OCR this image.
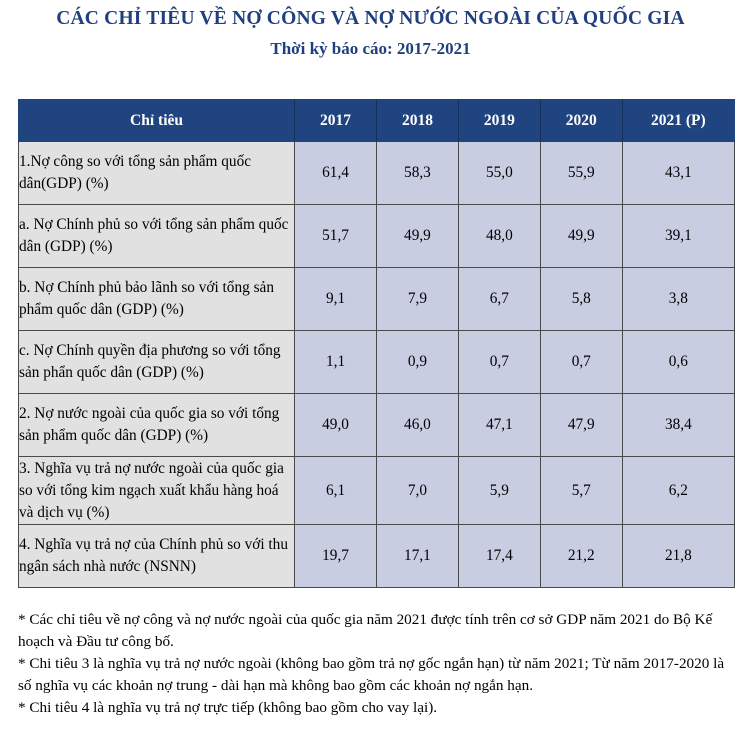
CÁC CHỈ TIÊU VỀ NỢ CÔNG VÀ NỢ NƯỚC NGOÀI CỦA QUỐC GIA
Thời kỳ báo cáo: 2017-2021
Chỉ tiêu	2017	2018	2019	2020	2021 (P)
1.Nợ công so với tổng sản phẩm quốc dân(GDP) (%)	61,4	58,3	55,0	55,9	43,1
a. Nợ Chính phủ so với tổng sản phẩm quốc dân (GDP) (%)	51,7	49,9	48,0	49,9	39,1
b. Nợ Chính phủ bảo lãnh so với tổng sản phẩm quốc dân (GDP) (%)	9,1	7,9	6,7	5,8	3,8
c. Nợ Chính quyền địa phương so với tổng sản phẩn quốc dân (GDP) (%)	1,1	0,9	0,7	0,7	0,6
2. Nợ nước ngoài của quốc gia so với tổng sản phẩm quốc dân (GDP) (%)	49,0	46,0	47,1	47,9	38,4
3. Nghĩa vụ trả nợ nước ngoài của quốc gia so với tổng kim ngạch xuất khẩu hàng hoá và dịch vụ (%)	6,1	7,0	5,9	5,7	6,2
4. Nghĩa vụ trả nợ của Chính phủ so với thu ngân sách nhà nước (NSNN)	19,7	17,1	17,4	21,2	21,8

* Các chỉ tiêu về nợ công và nợ nước ngoài của quốc gia năm 2021 được tính trên cơ sở GDP năm 2021 do Bộ Kế hoạch và Đầu tư công bố.

* Chi tiêu 3 là nghĩa vụ trả nợ nước ngoài (không bao gồm trả nợ gốc ngắn hạn) từ năm 2021; Từ năm 2017-2020 là số nghĩa vụ các khoản nợ trung - dài hạn mà không bao gồm các khoản nợ ngắn hạn.

* Chi tiêu 4 là nghĩa vụ trả nợ trực tiếp (không bao gồm cho vay lại).
